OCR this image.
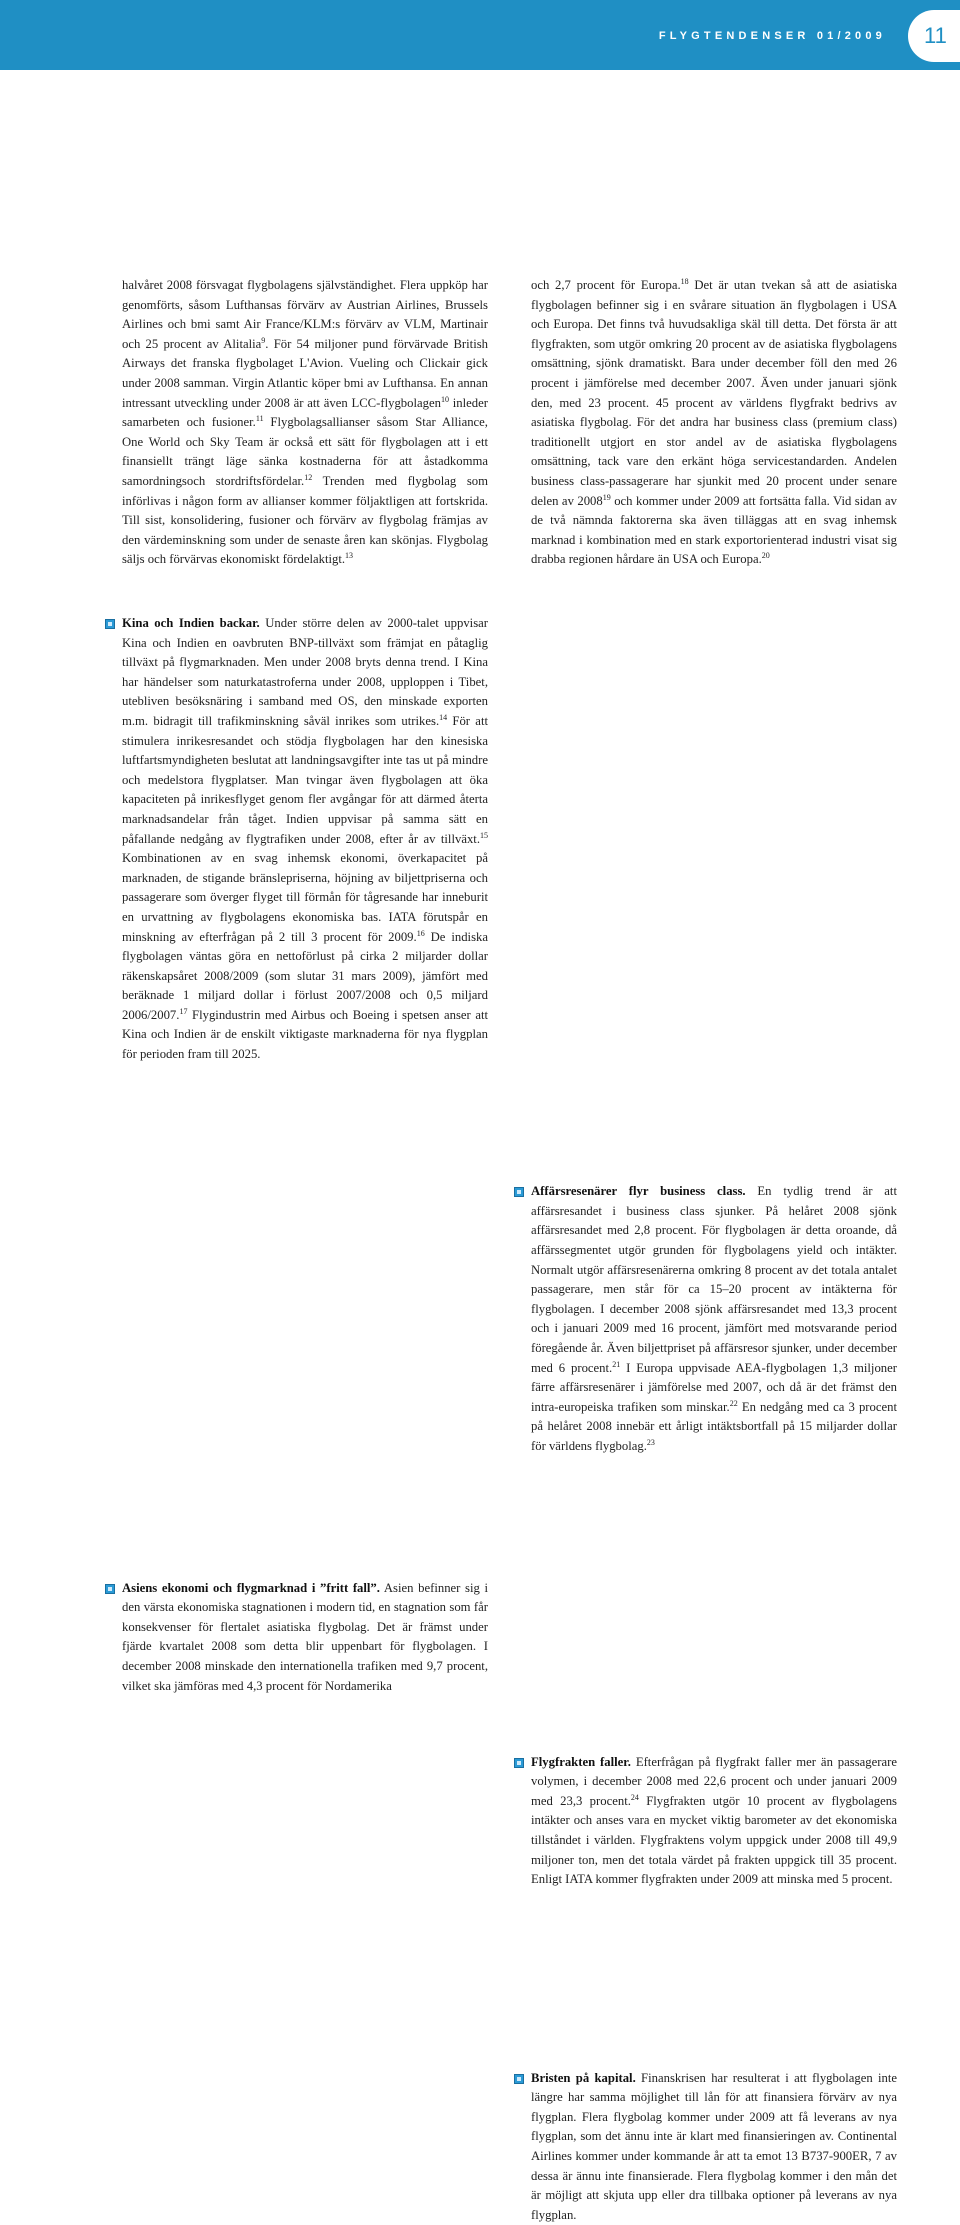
FLYGTENDENSER 01/2009	11

halvåret 2008 försvagat flygbolagens självständighet. Flera uppköp har genomförts, såsom Lufthansas förvärv av Austrian Airlines, Brussels Airlines och bmi samt Air France/KLM:s förvärv av VLM, Martinair och 25 procent av Alitalia$^9$. För 54 miljoner pund förvärvade British Airways det franska flygbolaget L'Avion. Vueling och Clickair gick under 2008 samman. Virgin Atlantic köper bmi av Lufthansa. En annan intressant utveckling under 2008 är att även LCC-flygbolagen$^{10}$ inleder samarbeten och fusioner.$^{11}$ Flygbolagsallianser såsom Star Alliance, One World och Sky Team är också ett sätt för flygbolagen att i ett finansiellt trängt läge sänka kostnaderna för att åstadkomma samordningsoch stordriftsfördelar.$^{12}$ Trenden med flygbolag som införlivas i någon form av allianser kommer följaktligen att fortskrida. Till sist, konsolidering, fusioner och förvärv av flygbolag främjas av den värdeminskning som under de senaste åren kan skönjas. Flygbolag säljs och förvärvas ekonomiskt fördelaktigt.$^{13}$

Kina och Indien backar. Under större delen av 2000-talet uppvisar Kina och Indien en oavbruten BNP-tillväxt som främjat en påtaglig tillväxt på flygmarknaden. Men under 2008 bryts denna trend. I Kina har händelser som naturkatastroferna under 2008, upploppen i Tibet, utebliven besöksnäring i samband med OS, den minskade exporten m.m. bidragit till trafikminskning såväl inrikes som utrikes.$^{14}$ För att stimulera inrikesresandet och stödja flygbolagen har den kinesiska luftfartsmyndigheten beslutat att landningsavgifter inte tas ut på mindre och medelstora flygplatser. Man tvingar även flygbolagen att öka kapaciteten på inrikesflyget genom fler avgångar för att därmed återta marknadsandelar från tåget. Indien uppvisar på samma sätt en påfallande nedgång av flygtrafiken under 2008, efter år av tillväxt.$^{15}$ Kombinationen av en svag inhemsk ekonomi, överkapacitet på marknaden, de stigande bränslepriserna, höjning av biljettpriserna och passagerare som överger flyget till förmån för tågresande har inneburit en urvattning av flygbolagens ekonomiska bas. IATA förutspår en minskning av efterfrågan på 2 till 3 procent för 2009.16 De indiska flygbolagen väntas göra en nettoförlust på cirka 2 miljarder dollar räkenskapsåret 2008/2009 (som slutar 31 mars 2009), jämfört med beräknade 1 miljard dollar i förlust 2007/2008 och 0,5 miljard 2006/2007.17 Flygindustrin med Airbus och Boeing i spetsen anser att Kina och Indien är de enskilt viktigaste marknaderna för nya flygplan för perioden fram till 2025.

Asiens ekonomi och flygmarknad i ”fritt fall”. Asien befinner sig i den värsta ekonomiska stagnationen i modern tid, en stagnation som får konsekvenser för flertalet asiatiska flygbolag. Det är främst under fjärde kvartalet 2008 som detta blir uppenbart för flygbolagen. I december 2008 minskade den internationella trafiken med 9,7 procent, vilket ska jämföras med 4,3 procent för Nordamerika

och 2,7 procent för Europa.$^{18}$ Det är utan tvekan så att de asiatiska flygbolagen befinner sig i en svårare situation än flygbolagen i USA och Europa. Det finns två huvudsakliga skäl till detta. Det första är att flygfrakten, som utgör omkring 20 procent av de asiatiska flygbolagens omsättning, sjönk dramatiskt. Bara under december föll den med 26 procent i jämförelse med december 2007. Även under januari sjönk den, med 23 procent. 45 procent av världens flygfrakt bedrivs av asiatiska flygbolag. För det andra har business class (premium class) traditionellt utgjort en stor andel av de asiatiska flygbolagens omsättning, tack vare den erkänt höga servicestandarden. Andelen business class-passagerare har sjunkit med 20 procent under senare delen av 2008$^{19}$ och kommer under 2009 att fortsätta falla. Vid sidan av de två nämnda faktorerna ska även tilläggas att en svag inhemsk marknad i kombination med en stark exportorienterad industri visat sig drabba regionen hårdare än USA och Europa.$^{20}$

Affärsresenärer flyr business class. En tydlig trend är att affärsresandet i business class sjunker. På helåret 2008 sjönk affärsresandet med 2,8 procent. För flygbolagen är detta oroande, då affärssegmentet utgör grunden för flygbolagens yield och intäkter. Normalt utgör affärsresenärerna omkring 8 procent av det totala antalet passagerare, men står för ca 15–20 procent av intäkterna för flygbolagen. I december 2008 sjönk affärsresandet med 13,3 procent och i januari 2009 med 16 procent, jämfört med motsvarande period föregående år. Även biljettpriset på affärsresor sjunker, under december med 6 procent.$^{21}$ I Europa uppvisade AEA-flygbolagen 1,3 miljoner färre affärsresenärer i jämförelse med 2007, och då är det främst den intra-europeiska trafiken som minskar.$^{22}$ En nedgång med ca 3 procent på helåret 2008 innebär ett årligt intäktsbortfall på 15 miljarder dollar för världens flygbolag.$^{23}$

Flygfrakten faller. Efterfrågan på flygfrakt faller mer än passagerare volymen, i december 2008 med 22,6 procent och under januari 2009 med 23,3 procent.$^{24}$ Flygfrakten utgör 10 procent av flygbolagens intäkter och anses vara en mycket viktig barometer av det ekonomiska tillståndet i världen. Flygfraktens volym uppgick under 2008 till 49,9 miljoner ton, men det totala värdet på frakten uppgick till 35 procent. Enligt IATA kommer flygfrakten under 2009 att minska med 5 procent.

Bristen på kapital. Finanskrisen har resulterat i att flygbolagen inte längre har samma möjlighet till lån för att finansiera förvärv av nya flygplan. Flera flygbolag kommer under 2009 att få leverans av nya flygplan, som det ännu inte är klart med finansieringen av. Continental Airlines kommer under kommande år att ta emot 13 B737-900ER, 7 av dessa är ännu inte finansierade. Flera flygbolag kommer i den mån det är möjligt att skjuta upp eller dra tillbaka optioner på leverans av nya flygplan.
